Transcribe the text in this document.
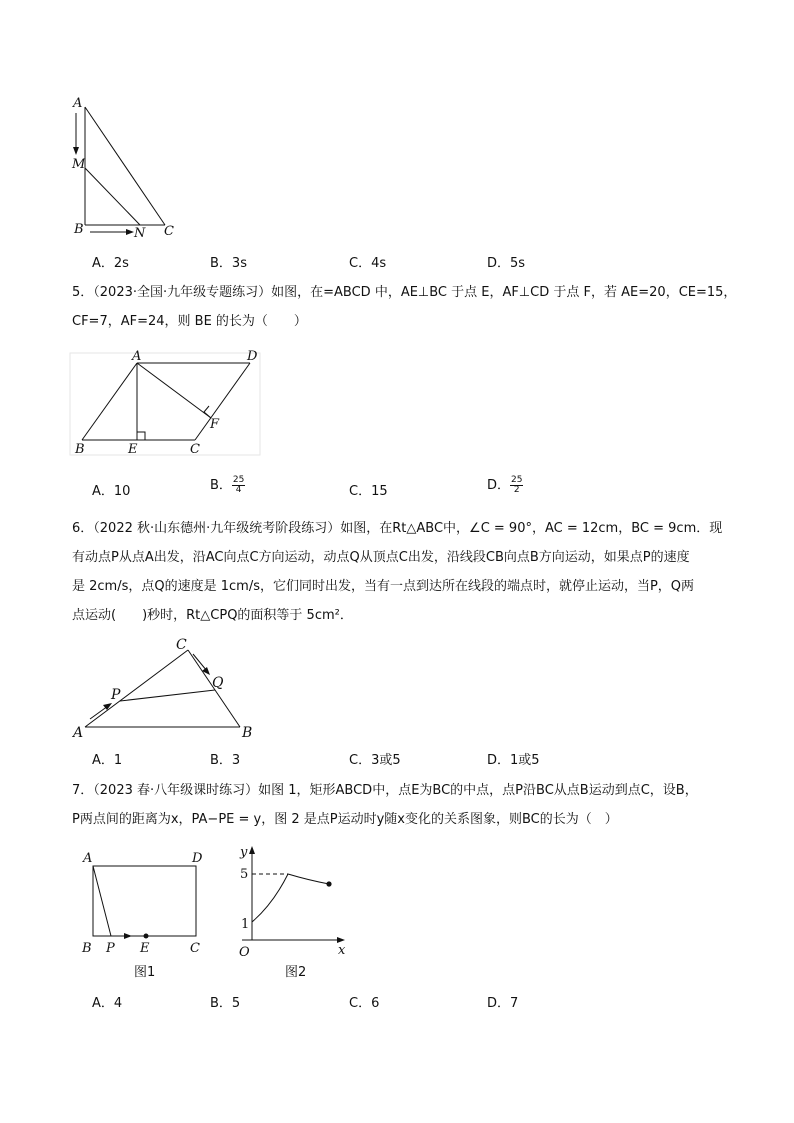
A
M
B	N C
A．2s	B．3s	C．4s	D．5s

5．（2023·全国·九年级专题练习）如图，在=ABCD 中，AE⊥BC 于点 E，AF⊥CD 于点 F，若 AE=20，CE=15，

CF=7，AF=24，则 BE 的长为（　　）

A	D
F
B	E	C
A．10	B． $\frac{25}{4}$	C．15	D． $\frac{25}{2}$

6．（2022 秋·山东德州·九年级统考阶段练习）如图，在Rt△ABC中，∠C = 90°，AC = 12cm，BC = 9cm．现

有动点P从点A出发，沿AC向点C方向运动，动点Q从顶点C出发，沿线段CB向点B方向运动，如果点P的速度

是 2cm/s，点Q的速度是 1cm/s，它们同时出发，当有一点到达所在线段的端点时，就停止运动，当P，Q两

点运动(　　)秒时，Rt△CPQ的面积等于 5cm²．

C
Q
P
A	B
A．1	B．3	C．3或5	D．1或5

7．（2023 春·八年级课时练习）如图 1，矩形ABCD中，点E为BC的中点，点P沿BC从点B运动到点C，设B，

P两点间的距离为x，PA−PE = y，图 2 是点P运动时y随x变化的关系图象，则BC的长为（　）

A	D
B P E	C
图1
y
x
O
5
1
图2
A．4	B．5	C．6	D．7
